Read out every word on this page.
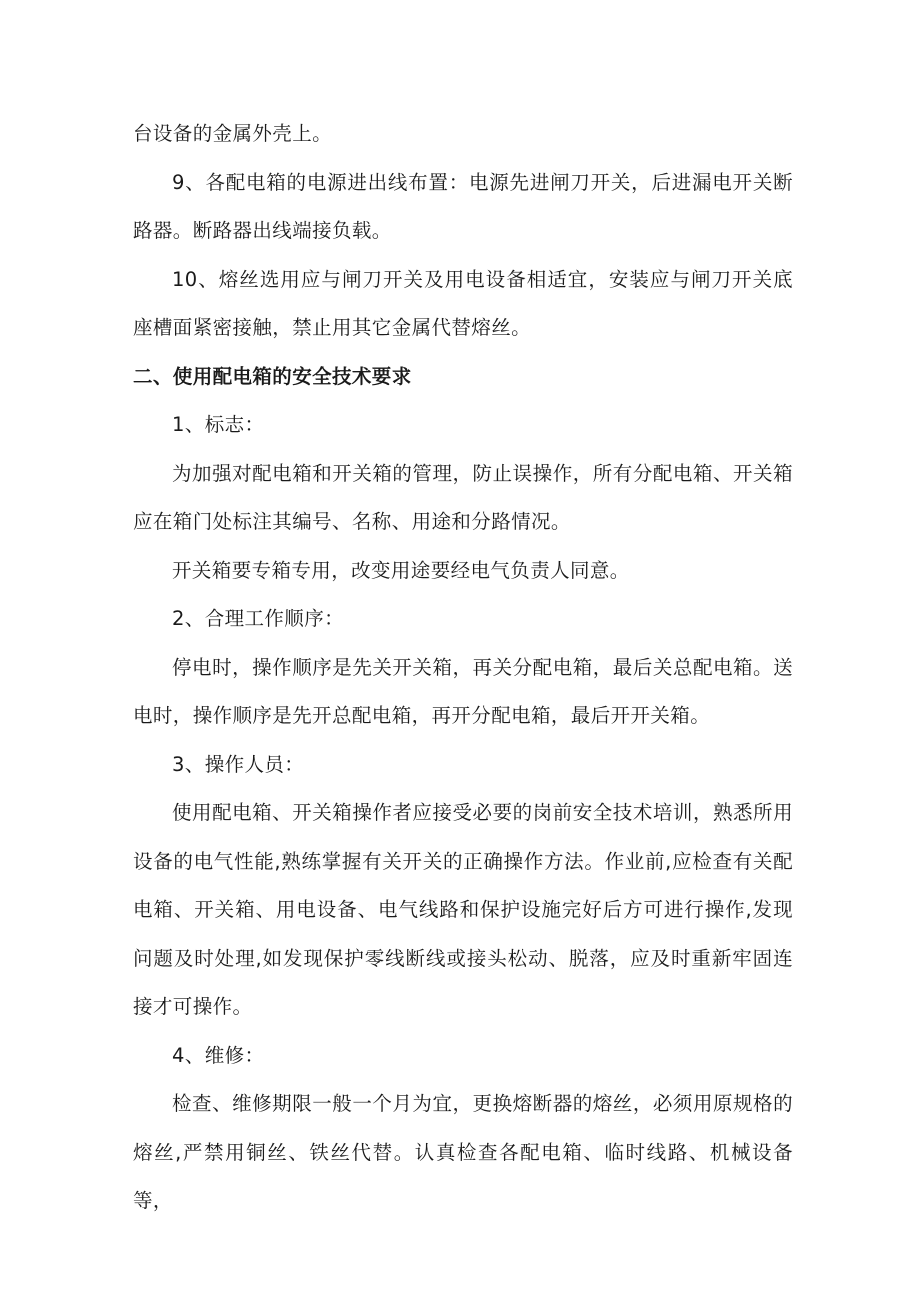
台设备的金属外壳上。

9、各配电箱的电源进出线布置：电源先进闸刀开关，后进漏电开关断路器。断路器出线端接负载。

10、熔丝选用应与闸刀开关及用电设备相适宜，安装应与闸刀开关底座槽面紧密接触，禁止用其它金属代替熔丝。

二、使用配电箱的安全技术要求

1、标志：

为加强对配电箱和开关箱的管理，防止误操作，所有分配电箱、开关箱应在箱门处标注其编号、名称、用途和分路情况。

开关箱要专箱专用，改变用途要经电气负责人同意。

2、合理工作顺序：

停电时，操作顺序是先关开关箱，再关分配电箱，最后关总配电箱。送电时，操作顺序是先开总配电箱，再开分配电箱，最后开开关箱。

3、操作人员：

使用配电箱、开关箱操作者应接受必要的岗前安全技术培训，熟悉所用设备的电气性能,熟练掌握有关开关的正确操作方法。作业前,应检查有关配电箱、开关箱、用电设备、电气线路和保护设施完好后方可进行操作,发现问题及时处理,如发现保护零线断线或接头松动、脱落，应及时重新牢固连接才可操作。

4、维修：

检查、维修期限一般一个月为宜，更换熔断器的熔丝，必须用原规格的熔丝,严禁用铜丝、铁丝代替。认真检查各配电箱、临时线路、机械设备等，
